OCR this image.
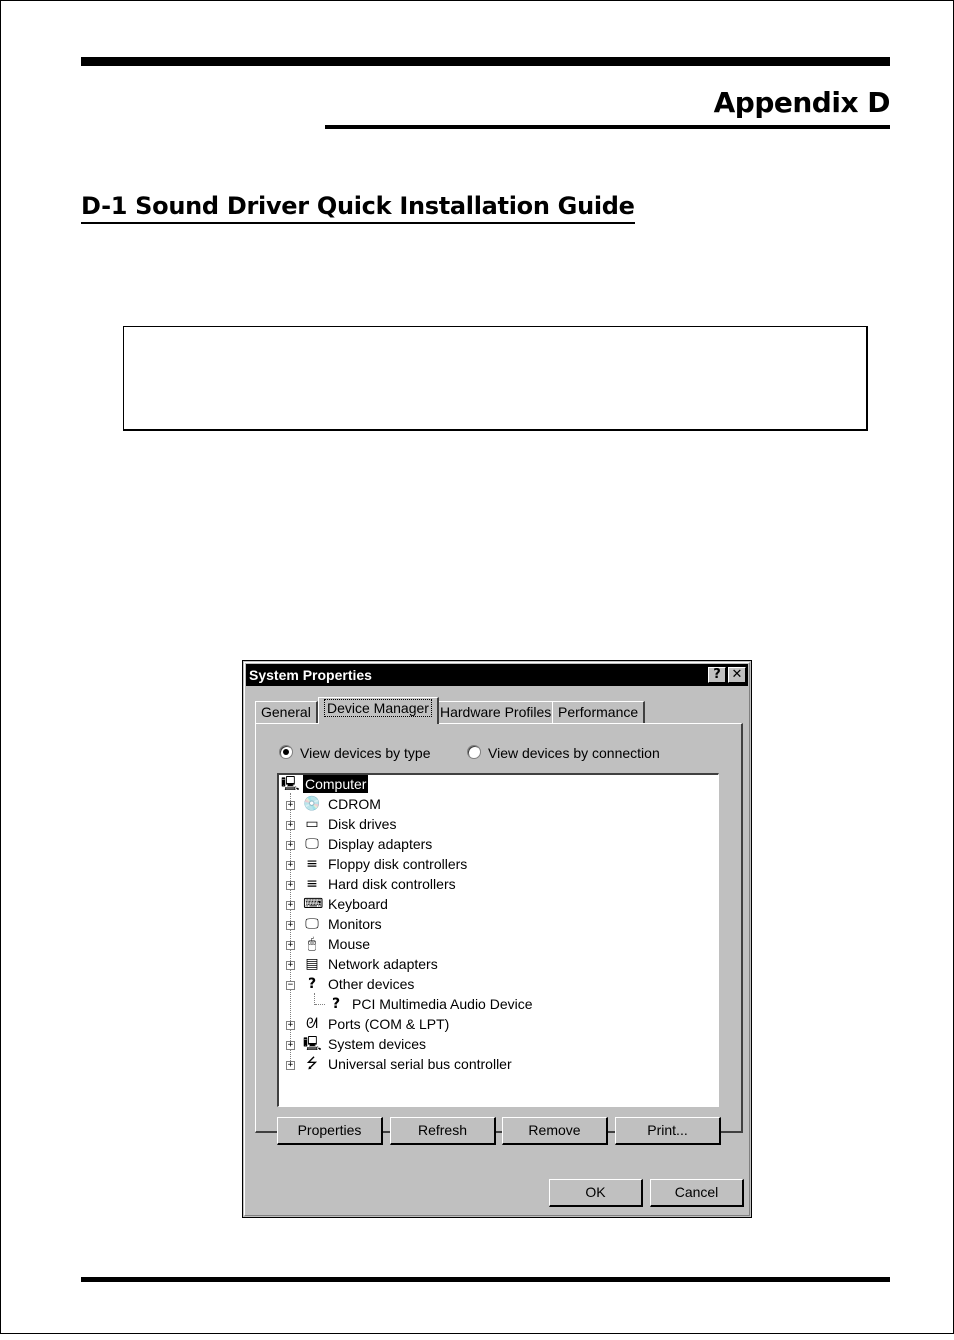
Appendix D
D-1 Sound Driver Quick Installation Guide
System Properties	? ✕
General	Device Manager Hardware Profiles Performance
View devices by type	View devices by connection
🖳 Computer
+ 💿 CDROM
+ ▭ Disk drives
+ 🖵 Display adapters
+ ≡ Floppy disk controllers
+ ≡ Hard disk controllers
+ ⌨ Keyboard
+ 🖵 Monitors
+	🖱 Mouse
+ ▤ Network adapters
−	? Other devices
? PCI Multimedia Audio Device
+ ᘛ Ports (COM & LPT)
+ 🖳 System devices
+ ⭍ Universal serial bus controller
Properties	Refresh	Remove	Print...
OK	Cancel
